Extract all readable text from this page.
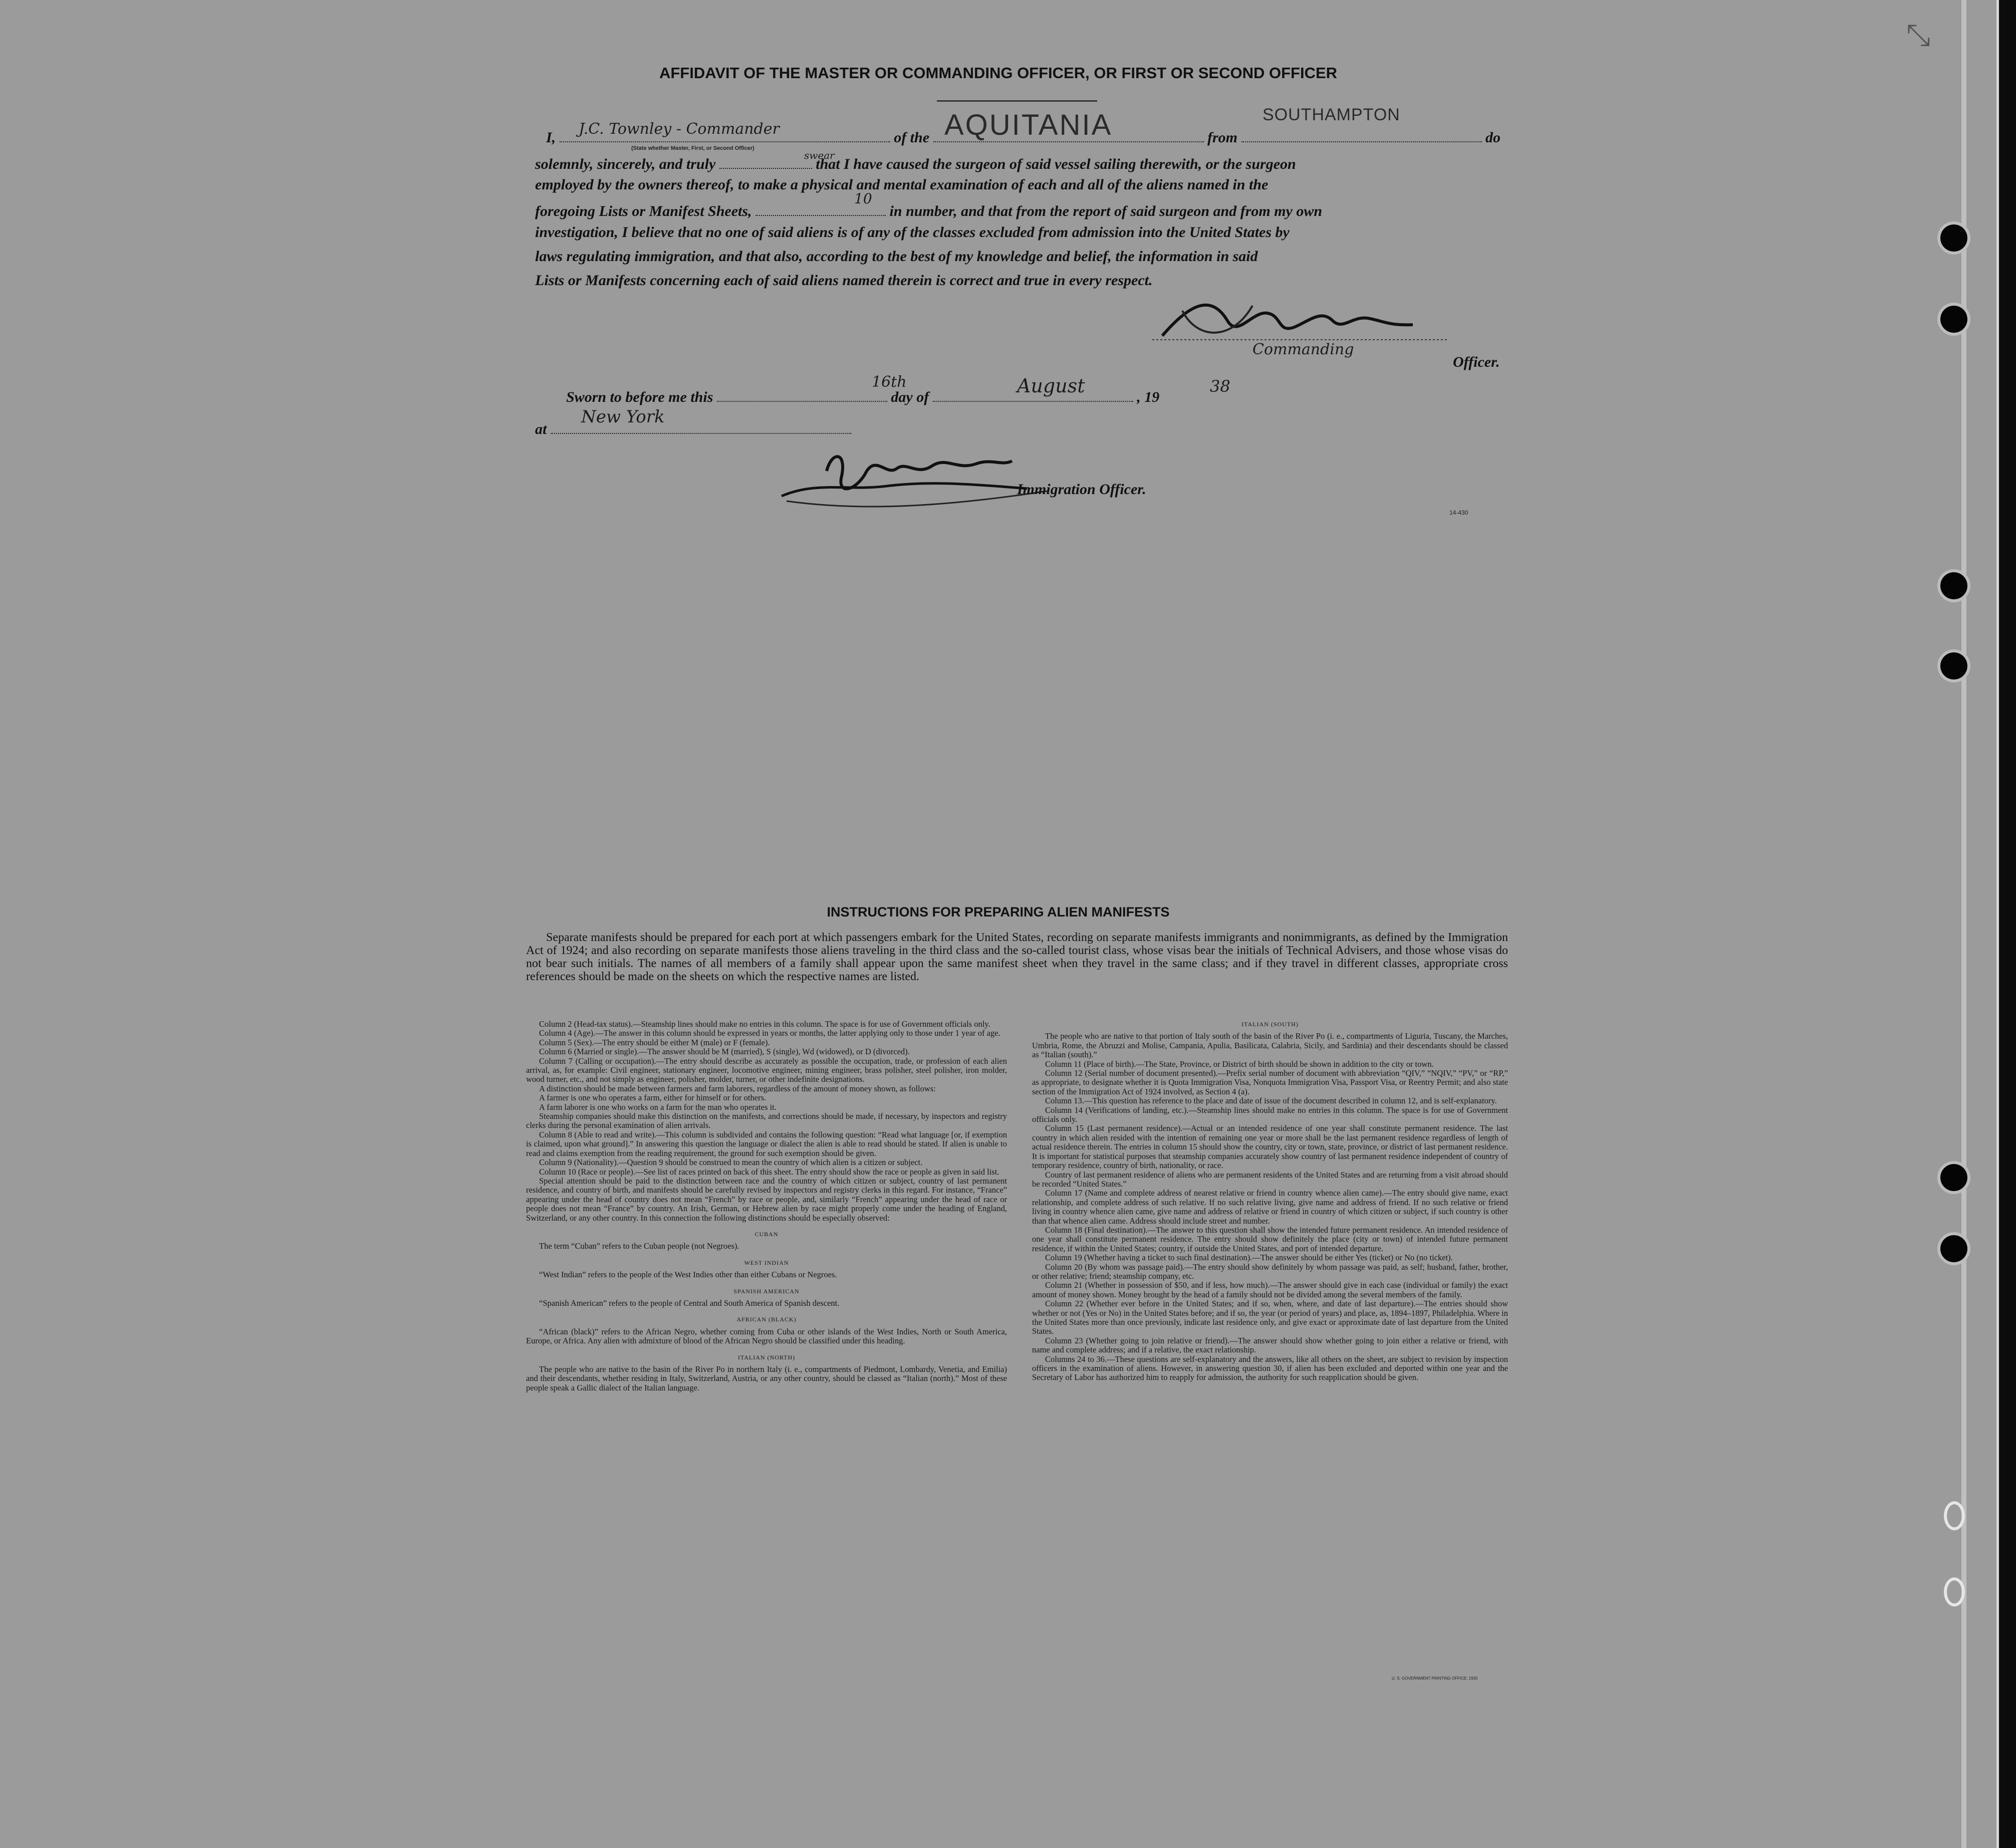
⤡
AFFIDAVIT OF THE MASTER OR COMMANDING OFFICER, OR FIRST OR SECOND OFFICER
I,	of the	from	do
J.C. Townley - Commander
(State whether Master, First, or Second Officer)
AQUITANIA	SOUTHAMPTON
solemnly, sincerely, and truly	that I have caused the surgeon of said vessel sailing therewith, or the surgeon
swear
employed by the owners thereof, to make a physical and mental examination of each and all of the aliens named in the
foregoing Lists or Manifest Sheets,	in number, and that from the report of said surgeon and from my own
10
investigation, I believe that no one of said aliens is of any of the classes excluded from admission into the United States by
laws regulating immigration, and that also, according to the best of my knowledge and belief, the information in said
Lists or Manifests concerning each of said aliens named therein is correct and true in every respect.
Commanding
Officer.
Sworn to before me this	day of	, 19
16th	August	38
at
New York
Immigration Officer.
14-430
INSTRUCTIONS FOR PREPARING ALIEN MANIFESTS
Separate manifests should be prepared for each port at which passengers embark for the United States, recording on separate manifests immigrants and nonimmigrants, as defined by the Immigration Act of 1924; and also recording on separate manifests those aliens traveling in the third class and the so-called tourist class, whose visas bear the initials of Technical Advisers, and those whose visas do not bear such initials. The names of all members of a family shall appear upon the same manifest sheet when they travel in the same class; and if they travel in different classes, appropriate cross references should be made on the sheets on which the respective names are listed.

Column 2 (Head-tax status).—Steamship lines should make no entries in this column. The space is for use of Government officials only.

Column 4 (Age).—The answer in this column should be expressed in years or months, the latter applying only to those under 1 year of age.

Column 5 (Sex).—The entry should be either M (male) or F (female).

Column 6 (Married or single).—The answer should be M (married), S (single), Wd (widowed), or D (divorced).

Column 7 (Calling or occupation).—The entry should describe as accurately as possible the occupation, trade, or profession of each alien arrival, as, for example: Civil engineer, stationary engineer, locomotive engineer, mining engineer, brass polisher, steel polisher, iron molder, wood turner, etc., and not simply as engineer, polisher, molder, turner, or other indefinite designations.

A distinction should be made between farmers and farm laborers, regardless of the amount of money shown, as follows:

A farmer is one who operates a farm, either for himself or for others.

A farm laborer is one who works on a farm for the man who operates it.

Steamship companies should make this distinction on the manifests, and corrections should be made, if necessary, by inspectors and registry clerks during the personal examination of alien arrivals.

Column 8 (Able to read and write).—This column is subdivided and contains the following question: “Read what language [or, if exemption is claimed, upon what ground].” In answering this question the language or dialect the alien is able to read should be stated. If alien is unable to read and claims exemption from the reading requirement, the ground for such exemption should be given.

Column 9 (Nationality).—Question 9 should be construed to mean the country of which alien is a citizen or subject.

Column 10 (Race or people).—See list of races printed on back of this sheet. The entry should show the race or people as given in said list.

Special attention should be paid to the distinction between race and the country of which citizen or subject, country of last permanent residence, and country of birth, and manifests should be carefully revised by inspectors and registry clerks in this regard. For instance, “France” appearing under the head of country does not mean “French” by race or people, and, similarly “French” appearing under the head of race or people does not mean “France” by country. An Irish, German, or Hebrew alien by race might properly come under the heading of England, Switzerland, or any other country. In this connection the following distinctions should be especially observed:

CUBAN

The term “Cuban” refers to the Cuban people (not Negroes).

WEST INDIAN

“West Indian” refers to the people of the West Indies other than either Cubans or Negroes.

SPANISH AMERICAN

“Spanish American” refers to the people of Central and South America of Spanish descent.

AFRICAN (BLACK)

“African (black)” refers to the African Negro, whether coming from Cuba or other islands of the West Indies, North or South America, Europe, or Africa. Any alien with admixture of blood of the African Negro should be classified under this heading.

ITALIAN (NORTH)

The people who are native to the basin of the River Po in northern Italy (i. e., compartments of Piedmont, Lombardy, Venetia, and Emilia) and their descendants, whether residing in Italy, Switzerland, Austria, or any other country, should be classed as “Italian (north).” Most of these people speak a Gallic dialect of the Italian language.

ITALIAN (SOUTH)

The people who are native to that portion of Italy south of the basin of the River Po (i. e., compartments of Liguria, Tuscany, the Marches, Umbria, Rome, the Abruzzi and Molise, Campania, Apulia, Basilicata, Calabria, Sicily, and Sardinia) and their descendants should be classed as “Italian (south).”

Column 11 (Place of birth).—The State, Province, or District of birth should be shown in addition to the city or town.

Column 12 (Serial number of document presented).—Prefix serial number of document with abbreviation “QIV,” “NQIV,” “PV,” or “RP,” as appropriate, to designate whether it is Quota Immigration Visa, Nonquota Immigration Visa, Passport Visa, or Reentry Permit; and also state section of the Immigration Act of 1924 involved, as Section 4 (a).

Column 13.—This question has reference to the place and date of issue of the document described in column 12, and is self-explanatory.

Column 14 (Verifications of landing, etc.).—Steamship lines should make no entries in this column. The space is for use of Government officials only.

Column 15 (Last permanent residence).—Actual or an intended residence of one year shall constitute permanent residence. The last country in which alien resided with the intention of remaining one year or more shall be the last permanent residence regardless of length of actual residence therein. The entries in column 15 should show the country, city or town, state, province, or district of last permanent residence. It is important for statistical purposes that steamship companies accurately show country of last permanent residence independent of country of temporary residence, country of birth, nationality, or race.

Country of last permanent residence of aliens who are permanent residents of the United States and are returning from a visit abroad should be recorded “United States.”

Column 17 (Name and complete address of nearest relative or friend in country whence alien came).—The entry should give name, exact relationship, and complete address of such relative. If no such relative living, give name and address of friend. If no such relative or friend living in country whence alien came, give name and address of relative or friend in country of which citizen or subject, if such country is other than that whence alien came. Address should include street and number.

Column 18 (Final destination).—The answer to this question shall show the intended future permanent residence. An intended residence of one year shall constitute permanent residence. The entry should show definitely the place (city or town) of intended future permanent residence, if within the United States; country, if outside the United States, and port of intended departure.

Column 19 (Whether having a ticket to such final destination).—The answer should be either Yes (ticket) or No (no ticket).

Column 20 (By whom was passage paid).—The entry should show definitely by whom passage was paid, as self; husband, father, brother, or other relative; friend; steamship company, etc.

Column 21 (Whether in possession of $50, and if less, how much).—The answer should give in each case (individual or family) the exact amount of money shown. Money brought by the head of a family should not be divided among the several members of the family.

Column 22 (Whether ever before in the United States; and if so, when, where, and date of last departure).—The entries should show whether or not (Yes or No) in the United States before; and if so, the year (or period of years) and place, as, 1894–1897, Philadelphia. Where in the United States more than once previously, indicate last residence only, and give exact or approximate date of last departure from the United States.

Column 23 (Whether going to join relative or friend).—The answer should show whether going to join either a relative or friend, with name and complete address; and if a relative, the exact relationship.

Columns 24 to 36.—These questions are self-explanatory and the answers, like all others on the sheet, are subject to revision by inspection officers in the examination of aliens. However, in answering question 30, if alien has been excluded and deported within one year and the Secretary of Labor has authorized him to reapply for admission, the authority for such reapplication should be given.

U. S. GOVERNMENT PRINTING OFFICE: 1935
